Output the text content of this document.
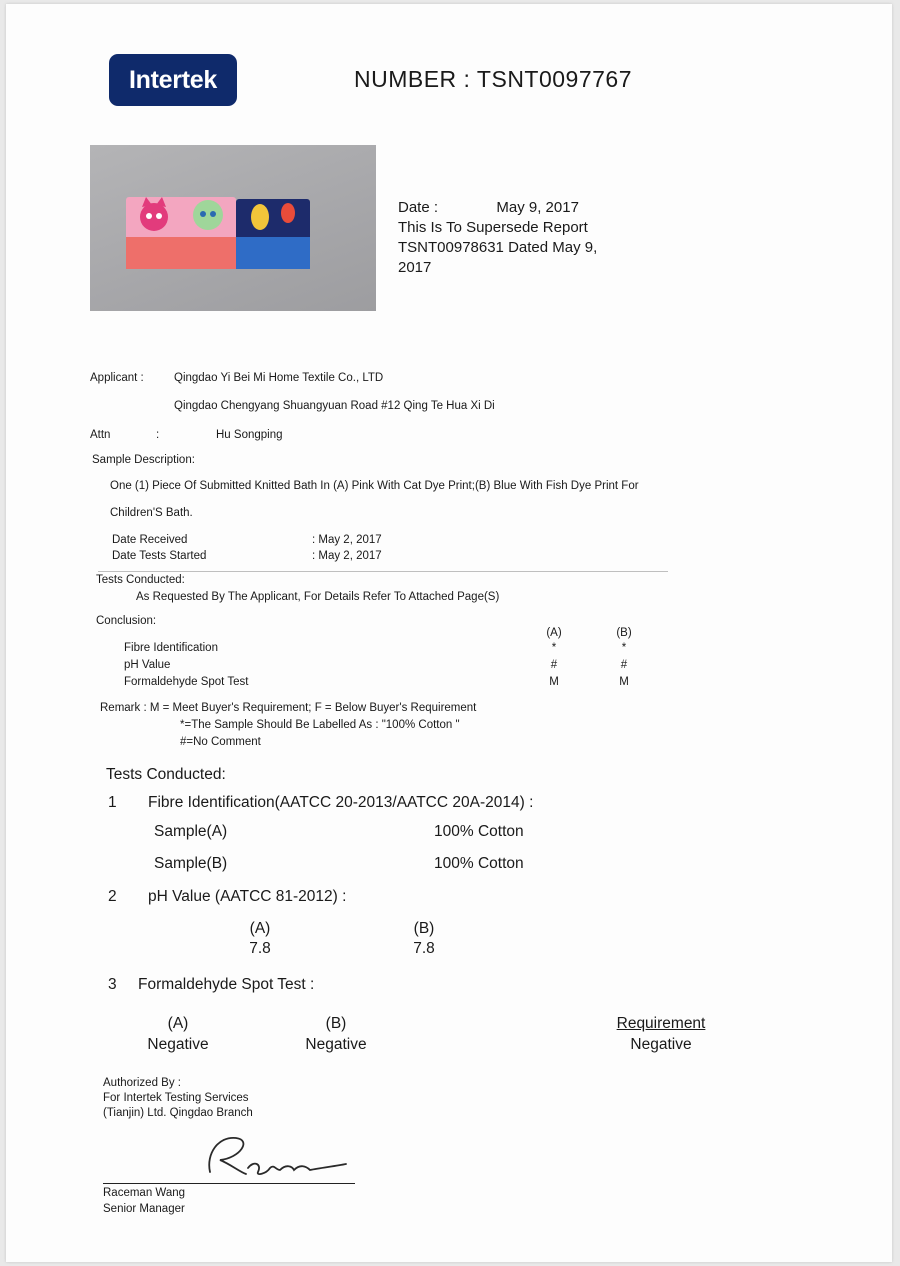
Intertek	NUMBER : TSNT0097767
Date :	May 9, 2017
This Is To Supersede Report
TSNT00978631 Dated May 9,
2017
Applicant :	Qingdao Yi Bei Mi Home Textile Co., LTD
Qingdao Chengyang Shuangyuan Road #12 Qing Te Hua Xi Di
Attn	:	Hu Songping
Sample Description:
One (1) Piece Of Submitted Knitted Bath In (A) Pink With Cat Dye Print;(B) Blue With Fish Dye Print For
Children'S Bath.
Date Received	: May 2, 2017
Date Tests Started	: May 2, 2017
Tests Conducted:
As Requested By The Applicant, For Details Refer To Attached Page(S)
Conclusion:
(A)	(B)
Fibre Identification	*	*
pH Value	#	#
Formaldehyde Spot Test	M	M
Remark : M = Meet Buyer's Requirement; F = Below Buyer's Requirement
*=The Sample Should Be Labelled As : "100% Cotton "
#=No Comment
Tests Conducted:
1 Fibre Identification(AATCC 20-2013/AATCC 20A-2014) :
Sample(A)	100% Cotton
Sample(B)	100% Cotton
2 pH Value (AATCC 81-2012) :
(A)	(B)
7.8	7.8
3 Formaldehyde Spot Test :
(A)	(B)	Requirement
Negative	Negative	Negative
Authorized By :
For Intertek Testing Services
(Tianjin) Ltd. Qingdao Branch
Raceman Wang
Senior Manager
